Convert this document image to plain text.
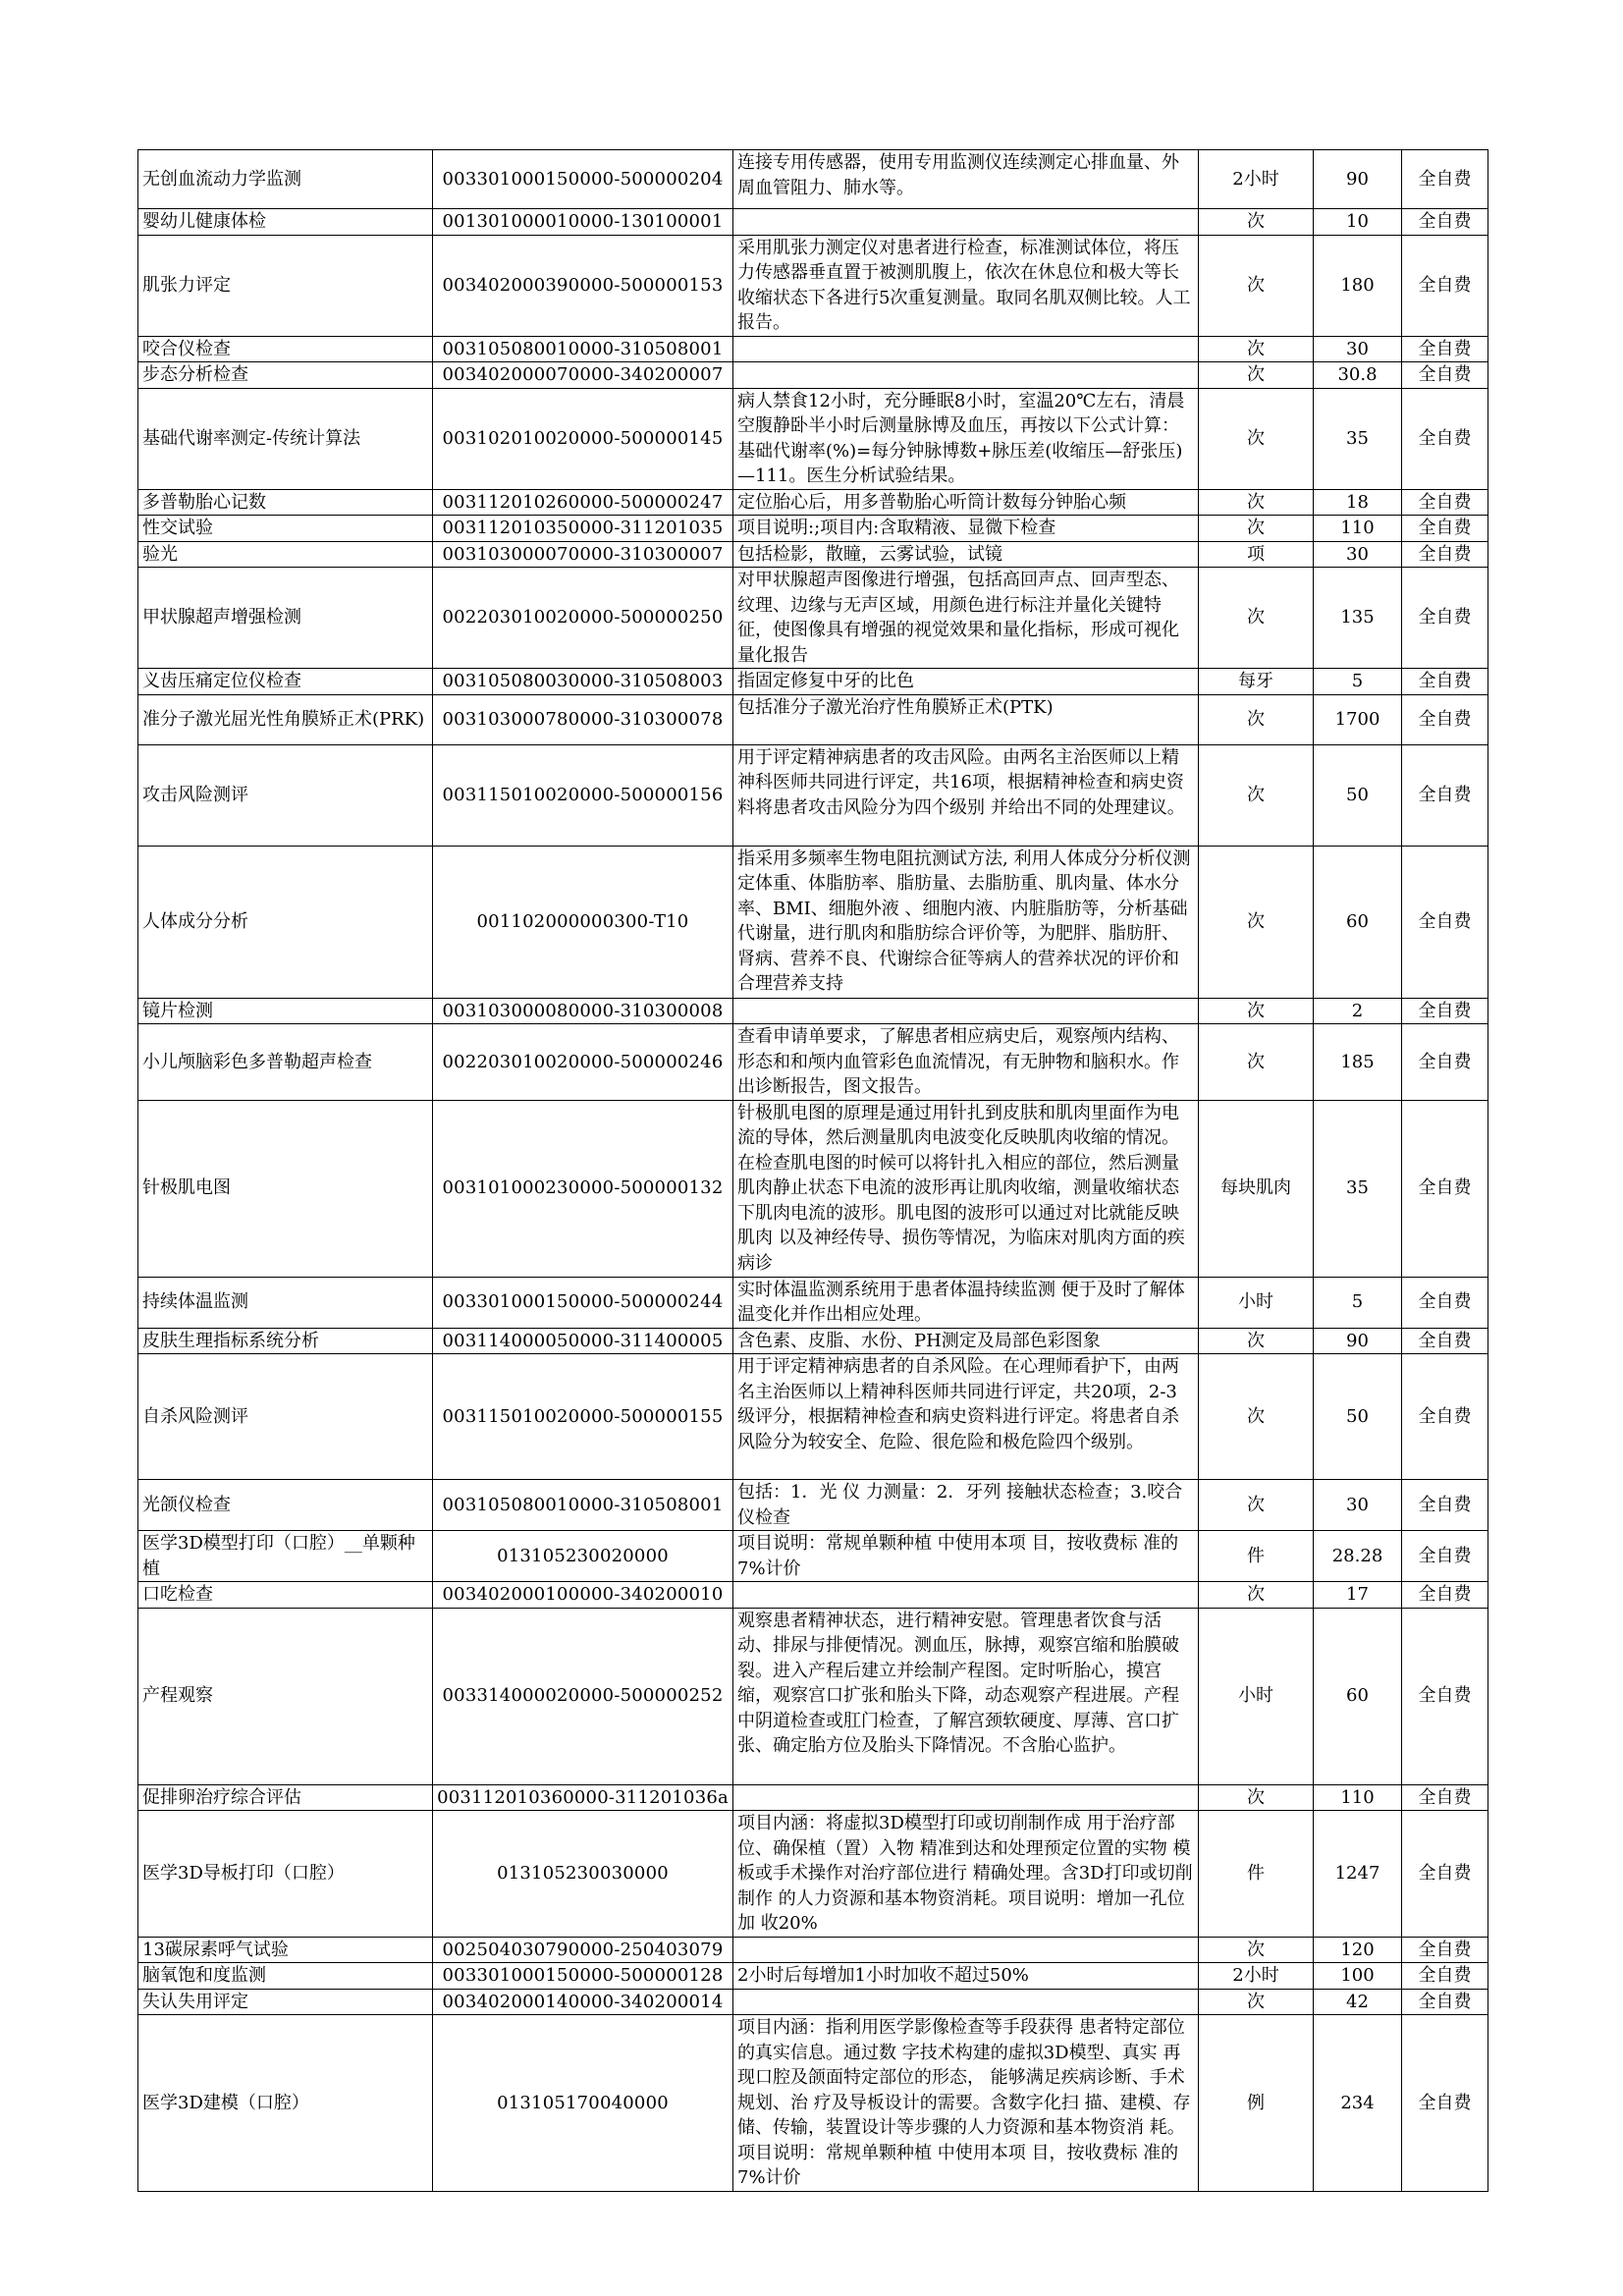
无创血流动力学监测	003301000150000-500000204	连接专用传感器，使用专用监测仪连续测定心排血量、外周血管阻力、肺水等。	2小时	90	全自费
婴幼儿健康体检	001301000010000-130100001		次	10	全自费
肌张力评定	003402000390000-500000153	采用肌张力测定仪对患者进行检查，标准测试体位，将压力传感器垂直置于被测肌腹上，依次在休息位和极大等长收缩状态下各进行5次重复测量。取同名肌双侧比较。人工报告。	次	180	全自费
咬合仪检查	003105080010000-310508001		次	30	全自费
步态分析检查	003402000070000-340200007		次	30.8	全自费
基础代谢率测定-传统计算法	003102010020000-500000145	病人禁食12小时，充分睡眠8小时，室温20℃左右，清晨空腹静卧半小时后测量脉博及血压，再按以下公式计算：基础代谢率(%)=每分钟脉博数+脉压差(收缩压—舒张压)—111。医生分析试验结果。	次	35	全自费
多普勒胎心记数	003112010260000-500000247	定位胎心后，用多普勒胎心听筒计数每分钟胎心频	次	18	全自费
性交试验	003112010350000-311201035	项目说明:;项目内:含取精液、显微下检查	次	110	全自费
验光	003103000070000-310300007	包括检影，散瞳，云雾试验，试镜	项	30	全自费
甲状腺超声增强检测	002203010020000-500000250	对甲状腺超声图像进行增强，包括高回声点、回声型态、纹理、边缘与无声区域，用颜色进行标注并量化关键特征，使图像具有增强的视觉效果和量化指标，形成可视化量化报告	次	135	全自费
义齿压痛定位仪检查	003105080030000-310508003	指固定修复中牙的比色	每牙	5	全自费
准分子激光屈光性角膜矫正术(PRK)	003103000780000-310300078	包括准分子激光治疗性角膜矫正术(PTK)	次	1700	全自费
攻击风险测评	003115010020000-500000156	用于评定精神病患者的攻击风险。由两名主治医师以上精神科医师共同进行评定，共16项，根据精神检查和病史资料将患者攻击风险分为四个级别 并给出不同的处理建议。	次	50	全自费
人体成分分析	001102000000300-T10	指采用多频率生物电阻抗测试方法, 利用人体成分分析仪测定体重、体脂肪率、脂肪量、去脂肪重、肌肉量、体水分率、BMI、细胞外液 、细胞内液、内脏脂肪等，分析基础代谢量，进行肌肉和脂肪综合评价等，为肥胖、脂肪肝、肾病、营养不良、代谢综合征等病人的营养状况的评价和合理营养支持	次	60	全自费
镜片检测	003103000080000-310300008		次	2	全自费
小儿颅脑彩色多普勒超声检查	002203010020000-500000246	查看申请单要求，了解患者相应病史后，观察颅内结构、形态和和颅内血管彩色血流情况，有无肿物和脑积水。作出诊断报告，图文报告。	次	185	全自费
针极肌电图	003101000230000-500000132	针极肌电图的原理是通过用针扎到皮肤和肌肉里面作为电流的导体，然后测量肌肉电波变化反映肌肉收缩的情况。在检查肌电图的时候可以将针扎入相应的部位，然后测量肌肉静止状态下电流的波形再让肌肉收缩，测量收缩状态下肌肉电流的波形。肌电图的波形可以通过对比就能反映肌肉 以及神经传导、损伤等情况，为临床对肌肉方面的疾病诊	每块肌肉	35	全自费
持续体温监测	003301000150000-500000244	实时体温监测系统用于患者体温持续监测 便于及时了解体温变化并作出相应处理。	小时	5	全自费
皮肤生理指标系统分析	003114000050000-311400005	含色素、皮脂、水份、PH测定及局部色彩图象	次	90	全自费
自杀风险测评	003115010020000-500000155	用于评定精神病患者的自杀风险。在心理师看护下，由两名主治医师以上精神科医师共同进行评定，共20项，2-3级评分，根据精神检查和病史资料进行评定。将患者自杀风险分为较安全、危险、很危险和极危险四个级别。	次	50	全自费
光颌仪检查	003105080010000-310508001	包括：1．光 仪 力测量：2．牙列 接触状态检查；3.咬合仪检查	次	30	全自费
医学3D模型打印（口腔）__单颗种植	013105230020000	项目说明：常规单颗种植 中使用本项 目，按收费标 准的7%计价	件	28.28	全自费
口吃检查	003402000100000-340200010		次	17	全自费
产程观察	003314000020000-500000252	观察患者精神状态，进行精神安慰。管理患者饮食与活动、排尿与排便情况。测血压，脉搏，观察宫缩和胎膜破裂。进入产程后建立并绘制产程图。定时听胎心，摸宫缩，观察宫口扩张和胎头下降，动态观察产程进展。产程中阴道检查或肛门检查，了解宫颈软硬度、厚薄、宫口扩张、确定胎方位及胎头下降情况。不含胎心监护。	小时	60	全自费
促排卵治疗综合评估	003112010360000-311201036a		次	110	全自费
医学3D导板打印（口腔）	013105230030000	项目内涵：将虚拟3D模型打印或切削制作成 用于治疗部位、确保植（置）入物 精准到达和处理预定位置的实物 模板或手术操作对治疗部位进行 精确处理。含3D打印或切削制作 的人力资源和基本物资消耗。项目说明：增加一孔位加 收20%	件	1247	全自费
13碳尿素呼气试验	002504030790000-250403079		次	120	全自费
脑氧饱和度监测	003301000150000-500000128	2小时后每增加1小时加收不超过50%	2小时	100	全自费
失认失用评定	003402000140000-340200014		次	42	全自费
医学3D建模（口腔）	013105170040000	项目内涵：指利用医学影像检查等手段获得 患者特定部位的真实信息。通过数 字技术构建的虚拟3D模型、真实 再现口腔及颌面特定部位的形态， 能够满足疾病诊断、手术规划、治 疗及导板设计的需要。含数字化扫 描、建模、存储、传输，装置设计等步骤的人力资源和基本物资消 耗。项目说明：常规单颗种植 中使用本项 目，按收费标 准的7%计价	例	234	全自费
